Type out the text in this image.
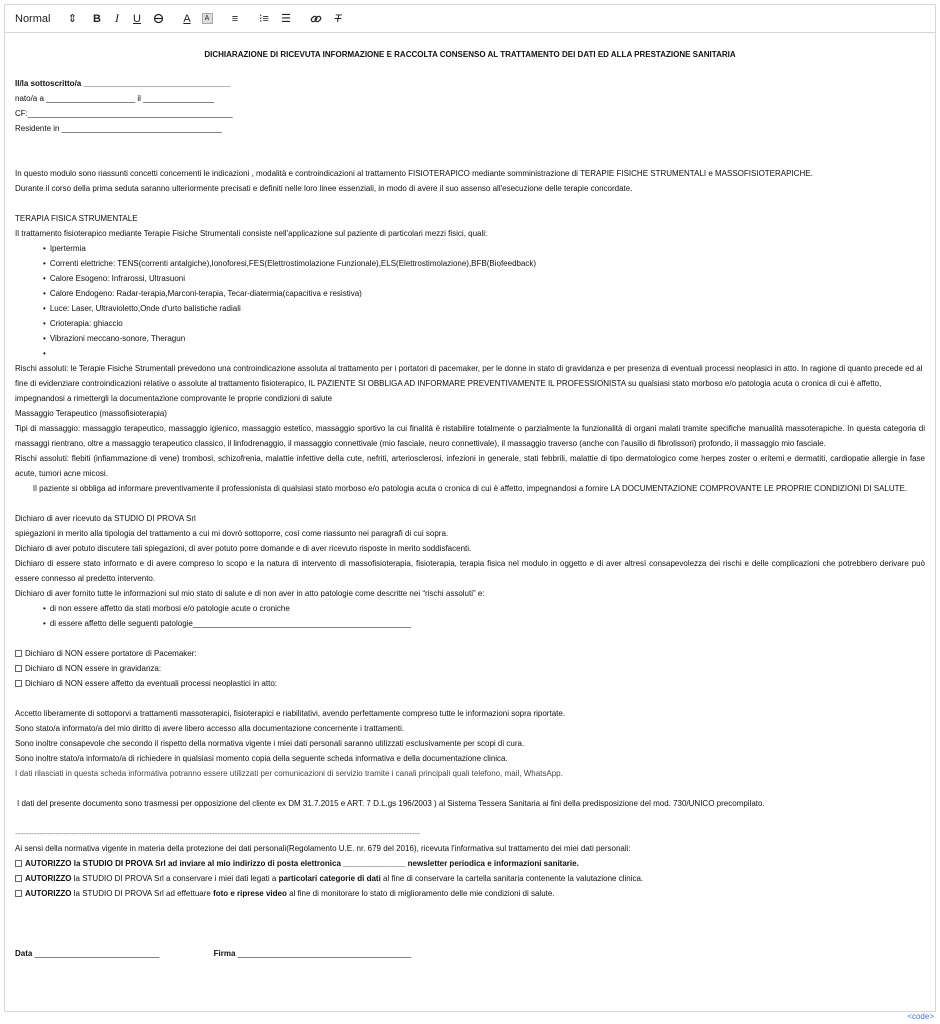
Normal ⇕ B	I	U	A	A ≡ ⁝≡ ☰	T
DICHIARAZIONE DI RICEVUTA INFORMAZIONE E RACCOLTA CONSENSO AL TRATTAMENTO DEI DATI ED ALLA PRESTAZIONE SANITARIA
Il/la sottoscritto/a _________________________________
nato/a a ____________________ il ________________
CF:______________________________________________
Residente in ____________________________________
In questo modulo sono riassunti concetti concernenti le indicazioni , modalità e controindicazioni al trattamento FISIOTERAPICO mediante somministrazione di TERAPIE FISICHE STRUMENTALI e MASSOFISIOTERAPICHE.
Durante il corso della prima seduta saranno ulteriormente precisati e definiti nelle loro linee essenziali, in modo di avere il suo assenso all'esecuzione delle terapie concordate.
TERAPIA FISICA STRUMENTALE
Il trattamento fisioterapico mediante Terapie Fisiche Strumentali consiste nell'applicazione sul paziente di particolari mezzi fisici, quali:
• Ipertermia
• Correnti elettriche: TENS(correnti antalgiche),Ionoforesi,FES(Elettrostimolazione Funzionale),ELS(Elettrostimolazione),BFB(Biofeedback)
• Calore Esogeno: Infrarossi, Ultrasuoni
• Calore Endogeno: Radar-terapia,Marconi-terapia, Tecar-diatermia(capacitiva e resistiva)
• Luce: Laser, Ultravioletto,Onde d'urto balistiche radiali
• Crioterapia: ghiaccio
• Vibrazioni meccano-sonore, Theragun
•
Rischi assoluti: le Terapie Fisiche Strumentali prevedono una controindicazione assoluta al trattamento per i portatori di pacemaker, per le donne in stato di gravidanza e per presenza di eventuali processi neoplasici in atto. In ragione di quanto precede ed al fine di evidenziare controindicazioni relative o assolute al trattamento fisioterapico, IL PAZIENTE SI OBBLIGA AD INFORMARE PREVENTIVAMENTE IL PROFESSIONISTA su qualsiasi stato morboso e/o patologia acuta o cronica di cui è affetto, impegnandosi a rimettergli la documentazione comprovante le proprie condizioni di salute
Massaggio Terapeutico (massofisioterapia)
Tipi di massaggio: massaggio terapeutico, massaggio igienico, massaggio estetico, massaggio sportivo la cui finalità è ristabilire totalmente o parzialmente la funzionalità di organi malati tramite specifiche manualità massoterapiche. In questa categoria di massaggi rientrano, oltre a massaggio terapeutico classico, il linfodrenaggio, il massaggio connettivale (mio fasciale, neuro connettivale), il massaggio traverso (anche con l'ausilio di fibrolissori) profondo, il massaggio mio fasciale.
Rischi assoluti: flebiti (infiammazione di vene) trombosi, schizofrenia, malattie infettive della cute, nefriti, arteriosclerosi, infezioni in generale, stati febbrili, malattie di tipo dermatologico come herpes zoster o eritemi e dermatiti, cardiopatie allergie in fase acute, tumori acne micosi.
Il paziente si obbliga ad informare preventivamente il professionista di qualsiasi stato morboso e/o patologia acuta o cronica di cui è affetto, impegnandosi a fornire LA DOCUMENTAZIONE COMPROVANTE LE PROPRIE CONDIZIONI DI SALUTE.
Dichiaro di aver ricevuto da STUDIO DI PROVA Srl
spiegazioni in merito alla tipologia del trattamento a cui mi dovrò sottoporre, così come riassunto nei paragrafi di cui sopra.
Dichiaro di aver potuto discutere tali spiegazioni, di aver potuto porre domande e di aver ricevuto risposte in merito soddisfacenti.
Dichiaro di essere stato informato e di avere compreso lo scopo e la natura di intervento di massofisioterapia, fisioterapia, terapia fisica nel modulo in oggetto e di aver altresì consapevolezza dei rischi e delle complicazioni che potrebbero derivare può essere connesso al predetto intervento.
Dichiaro di aver fornito tutte le informazioni sul mio stato di salute e di non aver in atto patologie come descritte nei “rischi assoluti” e:
• di non essere affetto da stati morbosi e/o patologie acute o croniche
• di essere affetto delle seguenti patologie_________________________________________________
Dichiaro di NON essere portatore di Pacemaker:
Dichiaro di NON essere in gravidanza:
Dichiaro di NON essere affetto da eventuali processi neoplastici in atto:
Accetto liberamente di sottoporvi a trattamenti massoterapici, fisioterapici e riabilitativi, avendo perfettamente compreso tutte le informazioni sopra riportate.
Sono stato/a informato/a del mio diritto di avere libero accesso alla documentazione concernente i trattamenti.
Sono inoltre consapevole che secondo il rispetto della normativa vigente i miei dati personali saranno utilizzati esclusivamente per scopi di cura.
Sono inoltre stato/a informato/a di richiedere in qualsiasi momento copia della seguente scheda informativa e della documentazione clinica.
I dati rilasciati in questa scheda informativa potranno essere utilizzati per comunicazioni di servizio tramite i canali principali quali telefono, mail, WhatsApp.
I dati del presente documento sono trasmessi per opposizione del cliente ex DM 31.7.2015 e ART. 7 D.L.gs 196/2003 ) al Sistema Tessera Sanitaria ai fini della predisposizione del mod. 730/UNICO precompilato.
--------------------------------------------------------------------------------------------------------------------------------------------------------
Ai sensi della normativa vigente in materia della protezione dei dati personali(Regolamento U.E. nr. 679 del 2016), ricevuta l'informativa sul trattamento dei miei dati personali:
AUTORIZZO la STUDIO DI PROVA Srl ad inviare al mio indirizzo di posta elettronica ______________ newsletter periodica e informazioni sanitarie.
AUTORIZZO la STUDIO DI PROVA Srl a conservare i miei dati legati a particolari categorie di dati al fine di conservare la cartella sanitaria contenente la valutazione clinica.
AUTORIZZO la STUDIO DI PROVA Srl ad effettuare foto e riprese video al fine di monitorare lo stato di miglioramento delle mie condizioni di salute.
Data ____________________________	Firma _______________________________________
<code>
